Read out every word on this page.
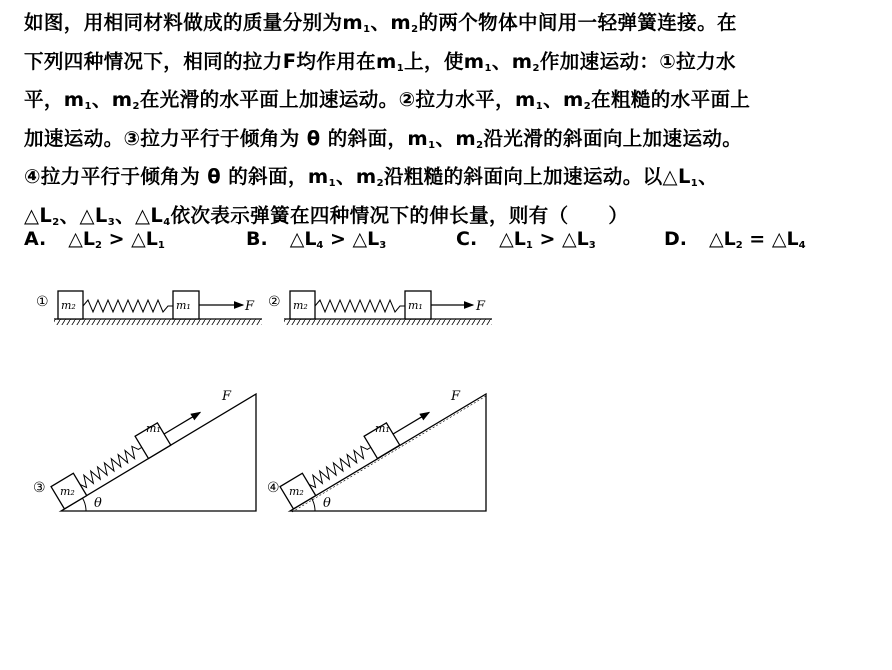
如图，用相同材料做成的质量分别为$m_1$、$m_2$的两个物体中间用一轻弹簧连接。在
下列四种情况下，相同的拉力F均作用在$m_1$上，使$m_1$、$m_2$作加速运动：①拉力水
平，$m_1$、$m_2$在光滑的水平面上加速运动。②拉力水平，$m_1$、$m_2$在粗糙的水平面上
加速运动。③拉力平行于倾角为 θ 的斜面，$m_1$、$m_2$沿光滑的斜面向上加速运动。
④拉力平行于倾角为 θ 的斜面，$m_1$、$m_2$沿粗糙的斜面向上加速运动。以$\triangle L_1$、
$\triangle L_2$、$\triangle L_3$、$\triangle L_4$依次表示弹簧在四种情况下的伸长量，则有（　　）
A. $\triangle L_2$ > $\triangle L_1$	B. $\triangle L_4$ > $\triangle L_3$	C. $\triangle L_1$ > $\triangle L_3$	D. $\triangle L_2$ = $\triangle L_4$
① m₂	m₁	F ② m₂	m₁	F
③ m₂
m₁
F
θ
④ m₂
m₁
F
θ
